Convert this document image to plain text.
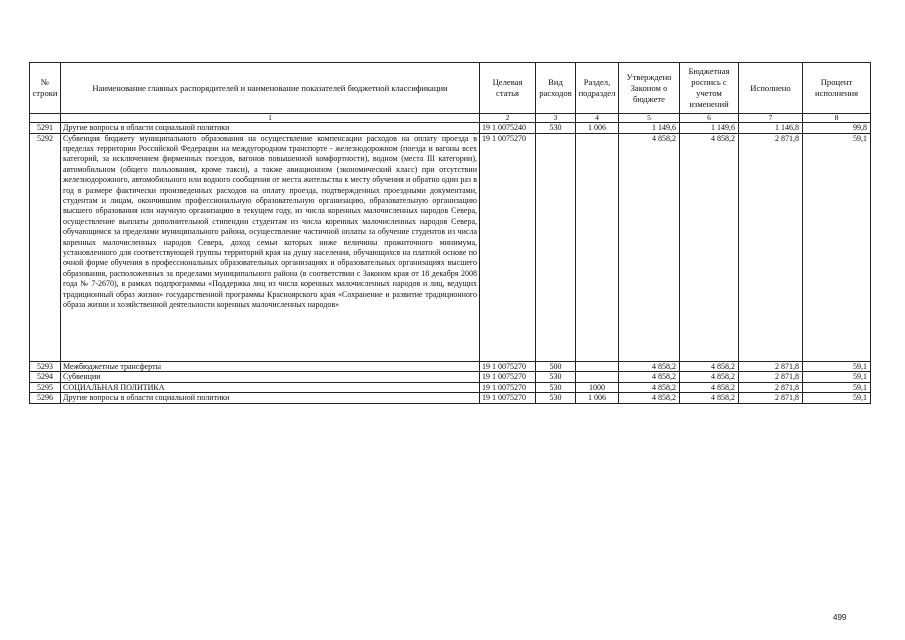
№ строки	Наименование главных распорядителей и наименование показателей бюджетной классификации	Целевая статья	Вид расходов	Раздел, подраздел	Утверждено Законом о бюджете	Бюджетная роспись с учетом изменений	Исполнено	Процент исполнения
	1	2	3	4	5	6	7	8
5291	Другие вопросы в области социальной политики	19 1 0075240	530	1 006	1 149,6	1 149,6	1 146,8	99,8
5292	Субвенция бюджету муниципального образования на осуществление компенсации расходов на оплату проезда в пределах территории Российской Федерации на междугородном транспорте - железнодорожном (поезда и вагоны всех категорий, за исключением фирменных поездов, вагонов повышенной комфортности), водном (места III категории), автомобильном (общего пользования, кроме такси), а также авиационном (экономический класс) при отсутствии железнодорожного, автомобильного или водного сообщения от места жительства к месту обучения и обратно один раз в год в размере фактически произведенных расходов на оплату проезда, подтвержденных проездными документами, студентам и лицам, окончившим профессиональную образовательную организацию, образовательную организацию высшего образования или научную организацию в текущем году, из числа коренных малочисленных народов Севера, осуществление выплаты дополнительной стипендии студентам из числа коренных малочисленных народов Севера, обучающимся за пределами муниципального района, осуществление частичной оплаты за обучение студентов из числа коренных малочисленных народов Севера, доход семьи которых ниже величины прожиточного минимума, установленного для соответствующей группы территорий края на душу населения, обучающихся на платной основе по очной форме обучения в профессиональных образовательных организациях и образовательных организациях высшего образования, расположенных за пределами муниципального района (в соответствии с Законом края от 18 декабря 2008 года № 7-2670), в рамках подпрограммы «Поддержка лиц из числа коренных малочисленных народов и лиц, ведущих традиционный образ жизни» государственной программы Красноярского края «Сохранение и развитие традиционного образа жизни и хозяйственной деятельности коренных малочисленных народов»	19 1 0075270			4 858,2	4 858,2	2 871,8	59,1
5293	Межбюджетные трансферты	19 1 0075270	500		4 858,2	4 858,2	2 871,8	59,1
5294	Субвенции	19 1 0075270	530		4 858,2	4 858,2	2 871,8	59,1
5295	СОЦИАЛЬНАЯ ПОЛИТИКА	19 1 0075270	530	1000	4 858,2	4 858,2	2 871,8	59,1
5296	Другие вопросы в области социальной политики	19 1 0075270	530	1 006	4 858,2	4 858,2	2 871,8	59,1
499
